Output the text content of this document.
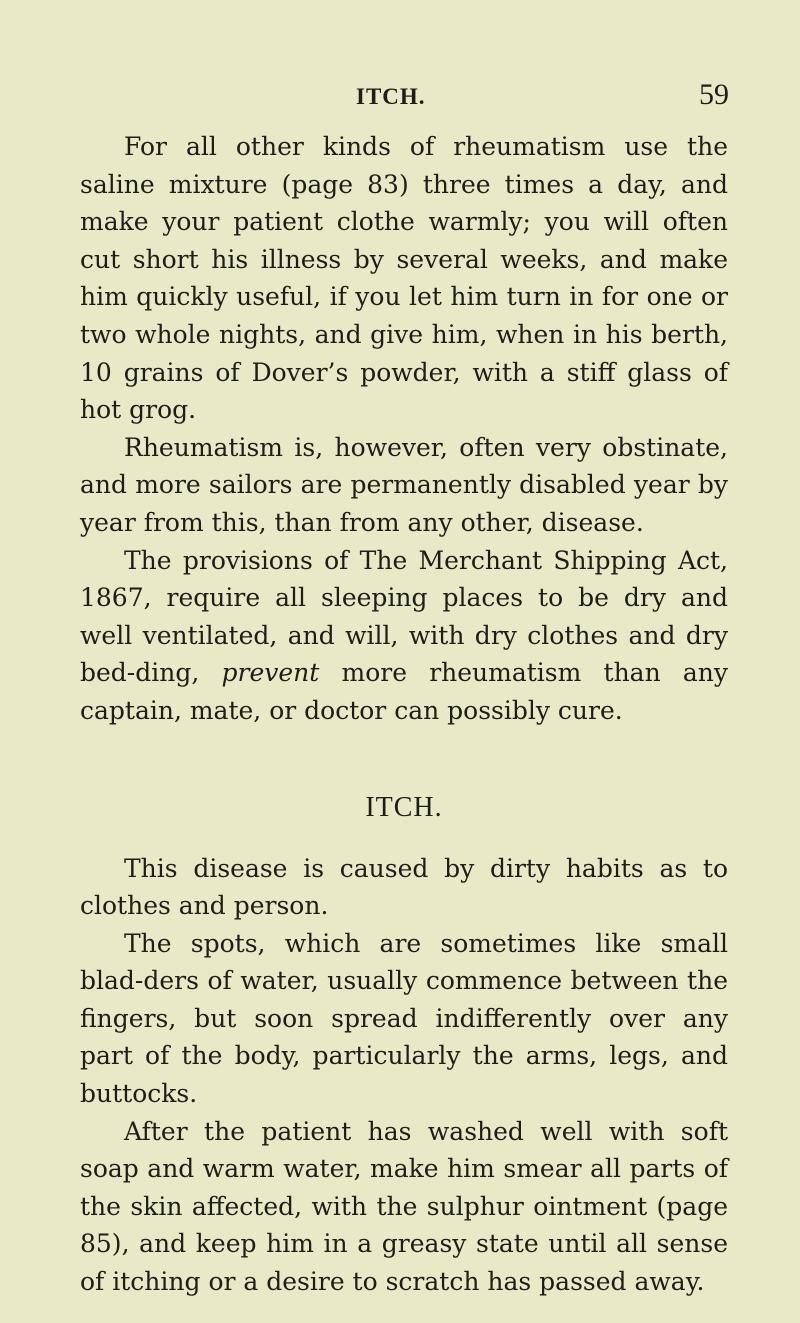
ITCH.	59

For all other kinds of rheumatism use the saline mixture (page 83) three times a day, and make your patient clothe warmly; you will often cut short his illness by several weeks, and make him quickly useful, if you let him turn in for one or two whole nights, and give him, when in his berth, 10 grains of Dover’s powder, with a stiff glass of hot grog.

Rheumatism is, however, often very obstinate, and more sailors are permanently disabled year by year from this, than from any other, disease.

The provisions of The Merchant Shipping Act, 1867, require all sleeping places to be dry and well ventilated, and will, with dry clothes and dry bed-ding, prevent more rheumatism than any captain, mate, or doctor can possibly cure.

ITCH.

This disease is caused by dirty habits as to clothes and person.

The spots, which are sometimes like small blad-ders of water, usually commence between the fingers, but soon spread indifferently over any part of the body, particularly the arms, legs, and buttocks.

After the patient has washed well with soft soap and warm water, make him smear all parts of the skin affected, with the sulphur ointment (page 85), and keep him in a greasy state until all sense of itching or a desire to scratch has passed away.
